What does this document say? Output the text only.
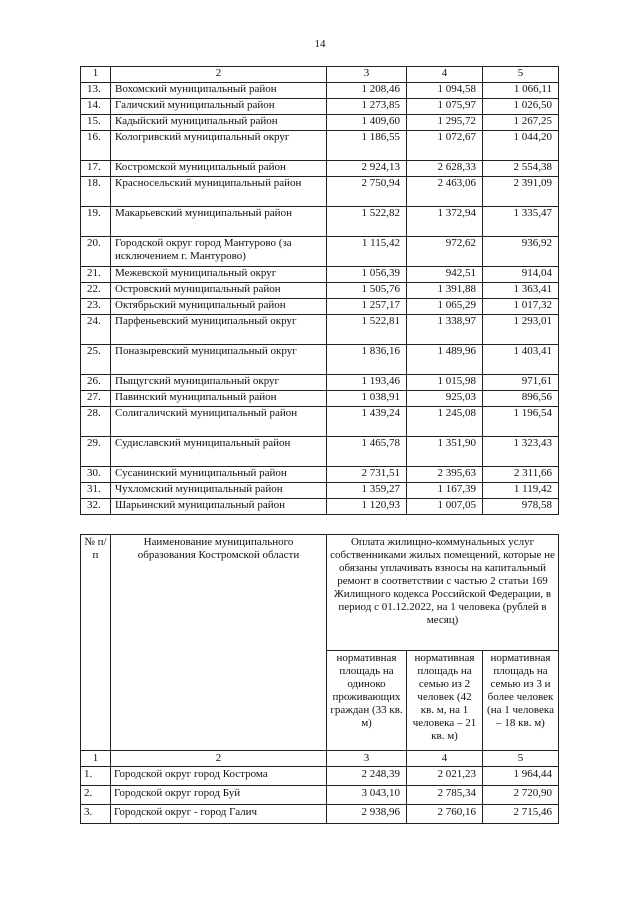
14
1	2	3	4	5
13.	Вохомский муниципальный район	1 208,46	1 094,58	1 066,11
14.	Галичский муниципальный район	1 273,85	1 075,97	1 026,50
15.	Кадыйский муниципальный район	1 409,60	1 295,72	1 267,25
16.	Кологривский муниципальный округ	1 186,55	1 072,67	1 044,20
17.	Костромской муниципальный район	2 924,13	2 628,33	2 554,38
18.	Красносельский муниципальный район	2 750,94	2 463,06	2 391,09
19.	Макарьевский муниципальный район	1 522,82	1 372,94	1 335,47
20.	Городской округ город Мантурово (за исключением г. Мантурово)	1 115,42	972,62	936,92
21.	Межевской муниципальный округ	1 056,39	942,51	914,04
22.	Островский муниципальный район	1 505,76	1 391,88	1 363,41
23.	Октябрьский муниципальный район	1 257,17	1 065,29	1 017,32
24.	Парфеньевский муниципальный округ	1 522,81	1 338,97	1 293,01
25.	Поназыревский муниципальный округ	1 836,16	1 489,96	1 403,41
26.	Пыщугский муниципальный округ	1 193,46	1 015,98	971,61
27.	Павинский муниципальный район	1 038,91	925,03	896,56
28.	Солигаличский муниципальный район	1 439,24	1 245,08	1 196,54
29.	Судиславский муниципальный район	1 465,78	1 351,90	1 323,43
30.	Сусанинский муниципальный район	2 731,51	2 395,63	2 311,66
31.	Чухломский муниципальный район	1 359,27	1 167,39	1 119,42
32.	Шарьинский муниципальный район	1 120,93	1 007,05	978,58
№ п/п	Наименование муниципального образования Костромской области	Оплата жилищно-коммунальных услуг собственниками жилых помещений, которые не обязаны уплачивать взносы на капитальный ремонт в соответствии с частью 2 статьи 169 Жилищного кодекса Российской Федерации, в период с 01.12.2022, на 1 человека (рублей в месяц)		
		нормативная площадь на одиноко проживающих граждан (33 кв. м)	нормативная площадь на семью из 2 человек (42 кв. м, на 1 человека – 21 кв. м)	нормативная площадь на семью из 3 и более человек (на 1 человека – 18 кв. м)
1	2	3	4	5
1.	Городской округ город Кострома	2 248,39	2 021,23	1 964,44
2.	Городской округ город Буй	3 043,10	2 785,34	2 720,90
3.	Городской округ - город Галич	2 938,96	2 760,16	2 715,46
